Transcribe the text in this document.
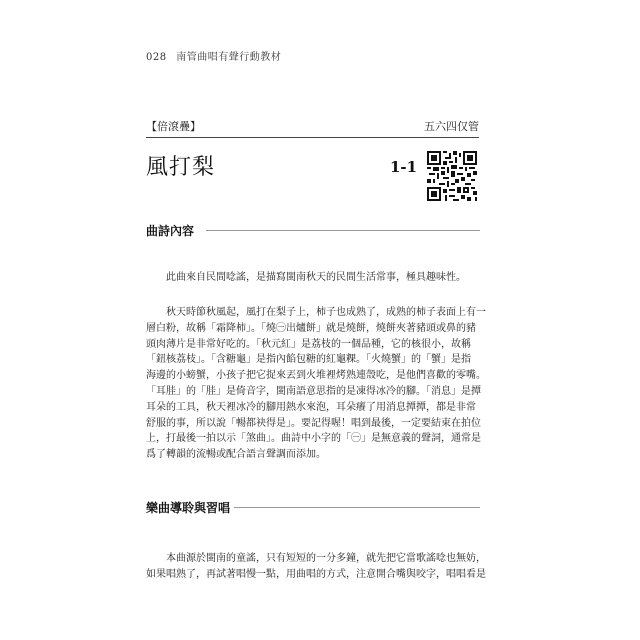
028 南管曲唱有聲行動教材
【倍滾疊】	五六四仅管
風打梨	1-1
曲詩內容

此曲來自民間唸謠，是描寫閩南秋天的民間生活常事，極具趣味性。

秋天時節秋風起，風打在梨子上，柿子也成熟了，成熟的柿子表面上有一

層白粉，故稱「霜降柿」。「燒㊀出爐餅」就是燒餅，燒餅夾著豬頭或鼻的豬

頭肉薄片是非常好吃的。「秋元紅」是荔枝的一個品種，它的核很小，故稱

「鈕核荔枝」。「含糖龜」是指內餡包糖的紅龜粿。「火燒蟹」的「蟹」是指

海邊的小螃蟹，小孩子把它捉來丟到火堆裡烤熟連殼吃，是他們喜歡的零嘴。

「耳胿」的「胿」是倚音字，閩南語意思指的是凍得冰冷的腳。「消息」是撢

耳朵的工具，秋天裡冰冷的腳用熱水來泡，耳朵癢了用消息撢撢，都是非常

舒服的事，所以說「暢都袂得是」。要記得喔！唱到最後，一定要結束在拍位

上，打最後一拍以示「煞曲」。曲詩中小字的「㊀」是無意義的聲詞，通常是

爲了轉韻的流暢或配合語言聲調而添加。

樂曲導聆與習唱

本曲源於閩南的童謠，只有短短的一分多鐘，就先把它當歌謠唸也無妨，

如果唱熟了，再試著唱慢一點，用曲唱的方式，注意開合嘴與咬字，唱唱看是
